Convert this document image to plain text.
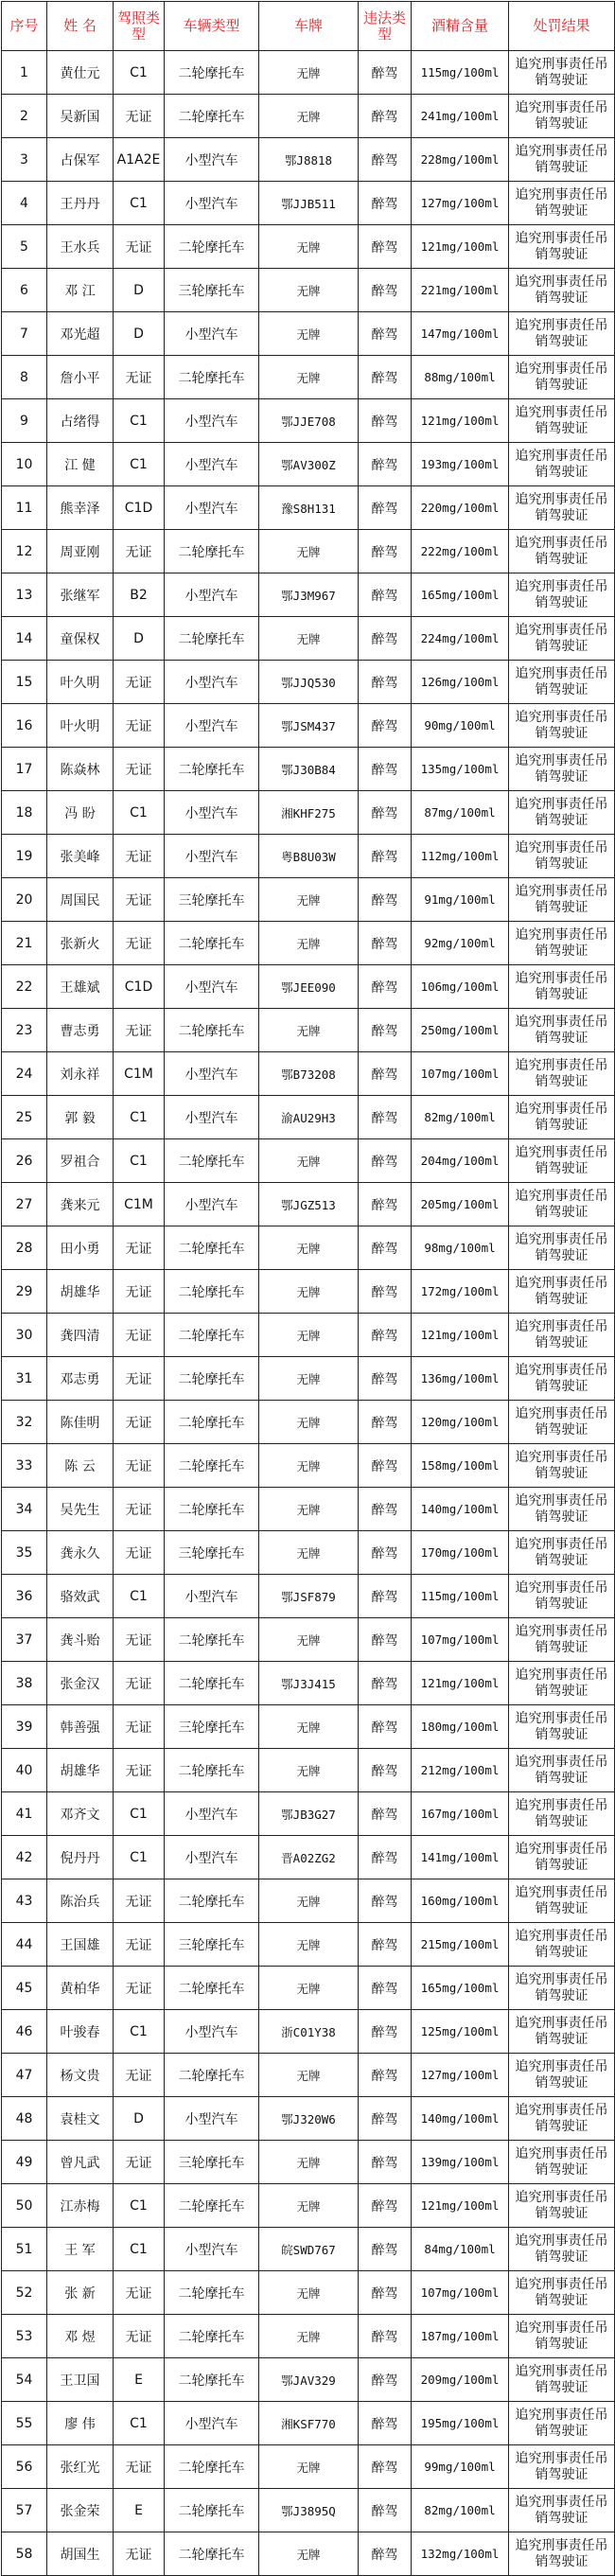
序号	姓 名	驾照类型	车辆类型	车牌	违法类型	酒精含量	处罚结果
1	黄仕元	C1	二轮摩托车	无牌	醉驾	115mg/100ml	追究刑事责任吊销驾驶证
2	吴新国	无证	二轮摩托车	无牌	醉驾	241mg/100ml	追究刑事责任吊销驾驶证
3	占保军	A1A2E	小型汽车	鄂J8818	醉驾	228mg/100ml	追究刑事责任吊销驾驶证
4	王丹丹	C1	小型汽车	鄂JJB511	醉驾	127mg/100ml	追究刑事责任吊销驾驶证
5	王水兵	无证	二轮摩托车	无牌	醉驾	121mg/100ml	追究刑事责任吊销驾驶证
6	邓 江	D	三轮摩托车	无牌	醉驾	221mg/100ml	追究刑事责任吊销驾驶证
7	邓光超	D	小型汽车	无牌	醉驾	147mg/100ml	追究刑事责任吊销驾驶证
8	詹小平	无证	二轮摩托车	无牌	醉驾	88mg/100ml	追究刑事责任吊销驾驶证
9	占绪得	C1	小型汽车	鄂JJE708	醉驾	121mg/100ml	追究刑事责任吊销驾驶证
10	江 健	C1	小型汽车	鄂AV300Z	醉驾	193mg/100ml	追究刑事责任吊销驾驶证
11	熊幸泽	C1D	小型汽车	豫S8H131	醉驾	220mg/100ml	追究刑事责任吊销驾驶证
12	周亚刚	无证	二轮摩托车	无牌	醉驾	222mg/100ml	追究刑事责任吊销驾驶证
13	张继军	B2	小型汽车	鄂J3M967	醉驾	165mg/100ml	追究刑事责任吊销驾驶证
14	童保权	D	二轮摩托车	无牌	醉驾	224mg/100ml	追究刑事责任吊销驾驶证
15	叶久明	无证	小型汽车	鄂JJQ530	醉驾	126mg/100ml	追究刑事责任吊销驾驶证
16	叶火明	无证	小型汽车	鄂JSM437	醉驾	90mg/100ml	追究刑事责任吊销驾驶证
17	陈焱林	无证	二轮摩托车	鄂J30B84	醉驾	135mg/100ml	追究刑事责任吊销驾驶证
18	冯 盼	C1	小型汽车	湘KHF275	醉驾	87mg/100ml	追究刑事责任吊销驾驶证
19	张美峰	无证	小型汽车	粤B8U03W	醉驾	112mg/100ml	追究刑事责任吊销驾驶证
20	周国民	无证	三轮摩托车	无牌	醉驾	91mg/100ml	追究刑事责任吊销驾驶证
21	张新火	无证	二轮摩托车	无牌	醉驾	92mg/100ml	追究刑事责任吊销驾驶证
22	王雄斌	C1D	小型汽车	鄂JEE090	醉驾	106mg/100ml	追究刑事责任吊销驾驶证
23	曹志勇	无证	二轮摩托车	无牌	醉驾	250mg/100ml	追究刑事责任吊销驾驶证
24	刘永祥	C1M	小型汽车	鄂B73208	醉驾	107mg/100ml	追究刑事责任吊销驾驶证
25	郭 毅	C1	小型汽车	渝AU29H3	醉驾	82mg/100ml	追究刑事责任吊销驾驶证
26	罗祖合	C1	二轮摩托车	无牌	醉驾	204mg/100ml	追究刑事责任吊销驾驶证
27	龚来元	C1M	小型汽车	鄂JGZ513	醉驾	205mg/100ml	追究刑事责任吊销驾驶证
28	田小勇	无证	二轮摩托车	无牌	醉驾	98mg/100ml	追究刑事责任吊销驾驶证
29	胡雄华	无证	二轮摩托车	无牌	醉驾	172mg/100ml	追究刑事责任吊销驾驶证
30	龚四清	无证	二轮摩托车	无牌	醉驾	121mg/100ml	追究刑事责任吊销驾驶证
31	邓志勇	无证	二轮摩托车	无牌	醉驾	136mg/100ml	追究刑事责任吊销驾驶证
32	陈佳明	无证	二轮摩托车	无牌	醉驾	120mg/100ml	追究刑事责任吊销驾驶证
33	陈 云	无证	二轮摩托车	无牌	醉驾	158mg/100ml	追究刑事责任吊销驾驶证
34	吴先生	无证	二轮摩托车	无牌	醉驾	140mg/100ml	追究刑事责任吊销驾驶证
35	龚永久	无证	三轮摩托车	无牌	醉驾	170mg/100ml	追究刑事责任吊销驾驶证
36	骆效武	C1	小型汽车	鄂JSF879	醉驾	115mg/100ml	追究刑事责任吊销驾驶证
37	龚斗贻	无证	二轮摩托车	无牌	醉驾	107mg/100ml	追究刑事责任吊销驾驶证
38	张金汉	无证	二轮摩托车	鄂J3J415	醉驾	121mg/100ml	追究刑事责任吊销驾驶证
39	韩善强	无证	三轮摩托车	无牌	醉驾	180mg/100ml	追究刑事责任吊销驾驶证
40	胡雄华	无证	二轮摩托车	无牌	醉驾	212mg/100ml	追究刑事责任吊销驾驶证
41	邓齐文	C1	小型汽车	鄂JB3G27	醉驾	167mg/100ml	追究刑事责任吊销驾驶证
42	倪丹丹	C1	小型汽车	晋A02ZG2	醉驾	141mg/100ml	追究刑事责任吊销驾驶证
43	陈治兵	无证	二轮摩托车	无牌	醉驾	160mg/100ml	追究刑事责任吊销驾驶证
44	王国雄	无证	三轮摩托车	无牌	醉驾	215mg/100ml	追究刑事责任吊销驾驶证
45	黄柏华	无证	二轮摩托车	无牌	醉驾	165mg/100ml	追究刑事责任吊销驾驶证
46	叶骏春	C1	小型汽车	浙C01Y38	醉驾	125mg/100ml	追究刑事责任吊销驾驶证
47	杨文贵	无证	二轮摩托车	无牌	醉驾	127mg/100ml	追究刑事责任吊销驾驶证
48	袁桂文	D	小型汽车	鄂J320W6	醉驾	140mg/100ml	追究刑事责任吊销驾驶证
49	曾凡武	无证	三轮摩托车	无牌	醉驾	139mg/100ml	追究刑事责任吊销驾驶证
50	江赤梅	C1	二轮摩托车	无牌	醉驾	121mg/100ml	追究刑事责任吊销驾驶证
51	王 军	C1	小型汽车	皖SWD767	醉驾	84mg/100ml	追究刑事责任吊销驾驶证
52	张 新	无证	二轮摩托车	无牌	醉驾	107mg/100ml	追究刑事责任吊销驾驶证
53	邓 煜	无证	二轮摩托车	无牌	醉驾	187mg/100ml	追究刑事责任吊销驾驶证
54	王卫国	E	二轮摩托车	鄂JAV329	醉驾	209mg/100ml	追究刑事责任吊销驾驶证
55	廖 伟	C1	小型汽车	湘KSF770	醉驾	195mg/100ml	追究刑事责任吊销驾驶证
56	张红光	无证	二轮摩托车	无牌	醉驾	99mg/100ml	追究刑事责任吊销驾驶证
57	张金荣	E	二轮摩托车	鄂J3895Q	醉驾	82mg/100ml	追究刑事责任吊销驾驶证
58	胡国生	无证	二轮摩托车	无牌	醉驾	132mg/100ml	追究刑事责任吊销驾驶证
